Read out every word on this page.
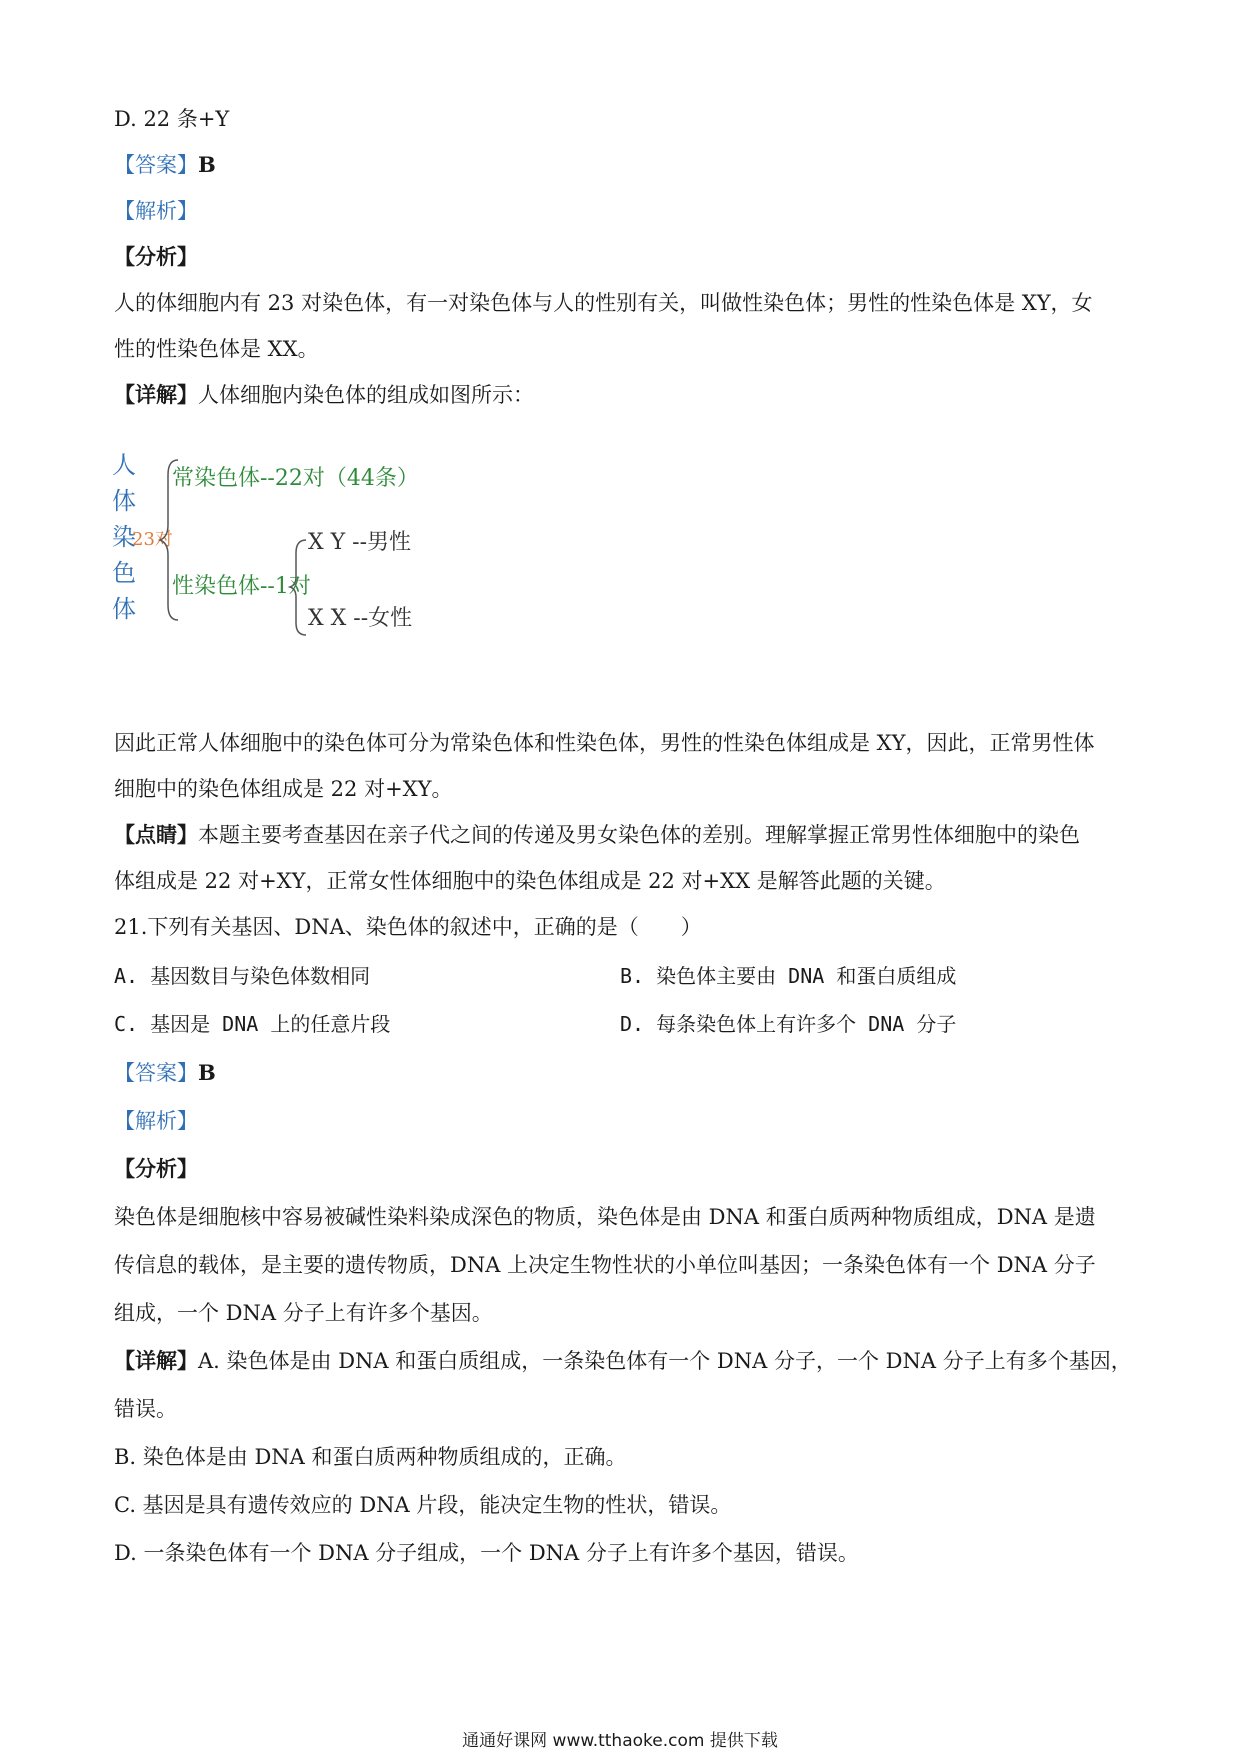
D. 22 条+Y
【答案】B
【解析】
【分析】
人的体细胞内有 23 对染色体，有一对染色体与人的性别有关，叫做性染色体；男性的性染色体是 XY，女
性的性染色体是 XX。
【详解】人体细胞内染色体的组成如图所示：
人
体
染
色
体
23对
常染色体--22对（44条）
性染色体--1对
X Y --男性
X X --女性
因此正常人体细胞中的染色体可分为常染色体和性染色体，男性的性染色体组成是 XY，因此，正常男性体
细胞中的染色体组成是 22 对+XY。
【点睛】本题主要考查基因在亲子代之间的传递及男女染色体的差别。理解掌握正常男性体细胞中的染色
体组成是 22 对+XY，正常女性体细胞中的染色体组成是 22 对+XX 是解答此题的关键。
21.下列有关基因、DNA、染色体的叙述中，正确的是（　　）
A. 基因数目与染色体数相同	B. 染色体主要由 DNA 和蛋白质组成
C. 基因是 DNA 上的任意片段	D. 每条染色体上有许多个 DNA 分子
【答案】B
【解析】
【分析】
染色体是细胞核中容易被碱性染料染成深色的物质，染色体是由 DNA 和蛋白质两种物质组成，DNA 是遗
传信息的载体，是主要的遗传物质，DNA 上决定生物性状的小单位叫基因；一条染色体有一个 DNA 分子
组成，一个 DNA 分子上有许多个基因。
【详解】A. 染色体是由 DNA 和蛋白质组成，一条染色体有一个 DNA 分子，一个 DNA 分子上有多个基因，
错误。
B. 染色体是由 DNA 和蛋白质两种物质组成的，正确。
C. 基因是具有遗传效应的 DNA 片段，能决定生物的性状，错误。
D. 一条染色体有一个 DNA 分子组成，一个 DNA 分子上有许多个基因，错误。
通通好课网 www.tthaoke.com 提供下载
